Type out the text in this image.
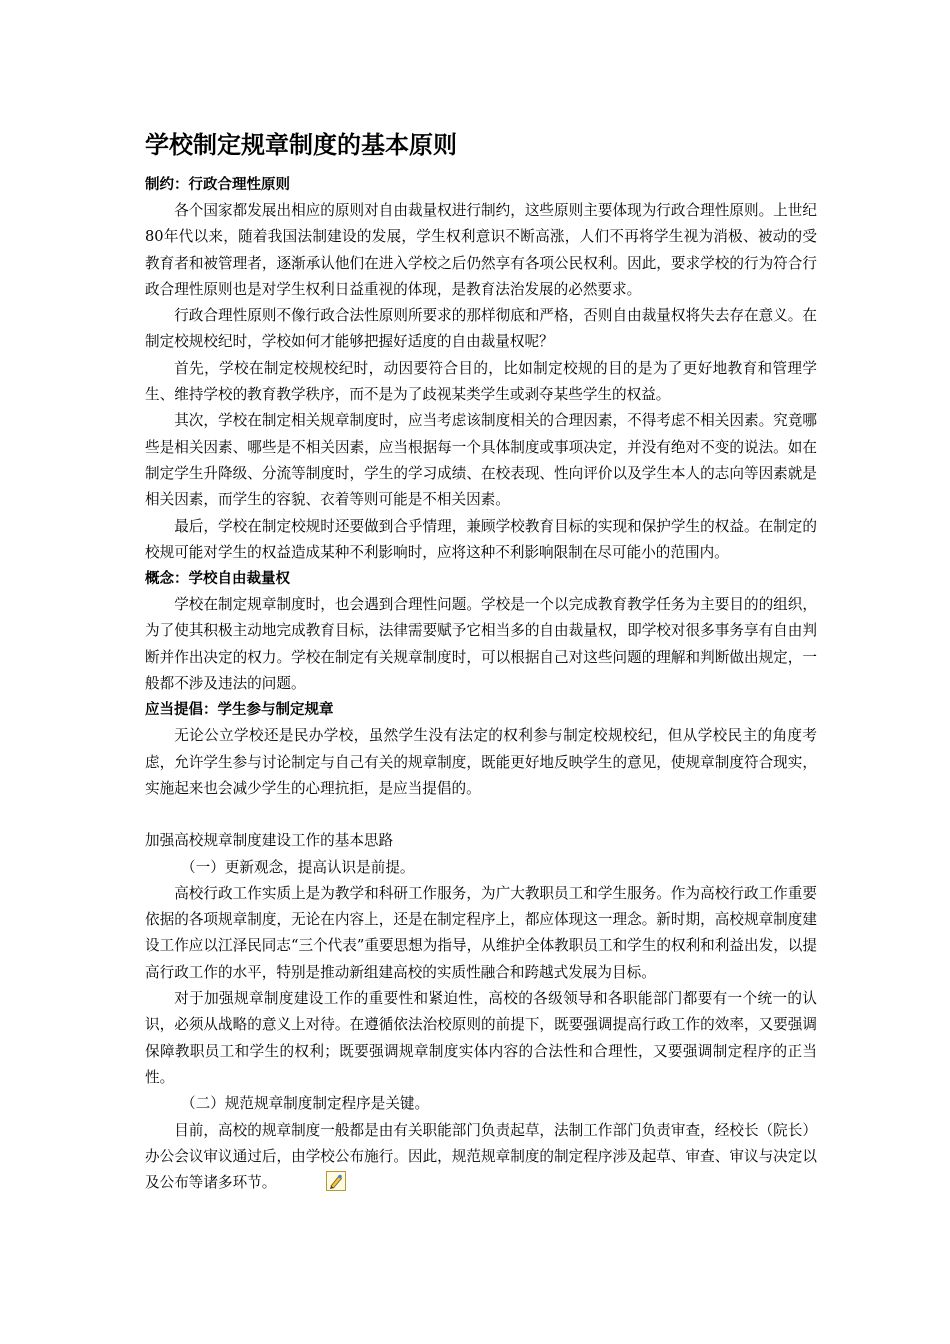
学校制定规章制度的基本原则

制约：行政合理性原则

各个国家都发展出相应的原则对自由裁量权进行制约，这些原则主要体现为行政合理性原则。上世纪80年代以来，随着我国法制建设的发展，学生权利意识不断高涨，人们不再将学生视为消极、被动的受教育者和被管理者，逐渐承认他们在进入学校之后仍然享有各项公民权利。因此，要求学校的行为符合行政合理性原则也是对学生权利日益重视的体现，是教育法治发展的必然要求。

行政合理性原则不像行政合法性原则所要求的那样彻底和严格，否则自由裁量权将失去存在意义。在制定校规校纪时，学校如何才能够把握好适度的自由裁量权呢？

首先，学校在制定校规校纪时，动因要符合目的，比如制定校规的目的是为了更好地教育和管理学生、维持学校的教育教学秩序，而不是为了歧视某类学生或剥夺某些学生的权益。

其次，学校在制定相关规章制度时，应当考虑该制度相关的合理因素，不得考虑不相关因素。究竟哪些是相关因素、哪些是不相关因素，应当根据每一个具体制度或事项决定，并没有绝对不变的说法。如在制定学生升降级、分流等制度时，学生的学习成绩、在校表现、性向评价以及学生本人的志向等因素就是相关因素，而学生的容貌、衣着等则可能是不相关因素。

最后，学校在制定校规时还要做到合乎情理，兼顾学校教育目标的实现和保护学生的权益。在制定的校规可能对学生的权益造成某种不利影响时，应将这种不利影响限制在尽可能小的范围内。

概念：学校自由裁量权

学校在制定规章制度时，也会遇到合理性问题。学校是一个以完成教育教学任务为主要目的的组织，为了使其积极主动地完成教育目标，法律需要赋予它相当多的自由裁量权，即学校对很多事务享有自由判断并作出决定的权力。学校在制定有关规章制度时，可以根据自己对这些问题的理解和判断做出规定，一般都不涉及违法的问题。

应当提倡：学生参与制定规章

无论公立学校还是民办学校，虽然学生没有法定的权利参与制定校规校纪，但从学校民主的角度考虑，允许学生参与讨论制定与自己有关的规章制度，既能更好地反映学生的意见，使规章制度符合现实，实施起来也会减少学生的心理抗拒，是应当提倡的。

加强高校规章制度建设工作的基本思路

（一）更新观念，提高认识是前提。

高校行政工作实质上是为教学和科研工作服务，为广大教职员工和学生服务。作为高校行政工作重要依据的各项规章制度，无论在内容上，还是在制定程序上，都应体现这一理念。新时期，高校规章制度建设工作应以江泽民同志“三个代表”重要思想为指导，从维护全体教职员工和学生的权利和利益出发，以提高行政工作的水平，特别是推动新组建高校的实质性融合和跨越式发展为目标。

对于加强规章制度建设工作的重要性和紧迫性，高校的各级领导和各职能部门都要有一个统一的认识，必须从战略的意义上对待。在遵循依法治校原则的前提下，既要强调提高行政工作的效率，又要强调保障教职员工和学生的权利；既要强调规章制度实体内容的合法性和合理性，又要强调制定程序的正当性。

（二）规范规章制度制定程序是关键。

目前，高校的规章制度一般都是由有关职能部门负责起草，法制工作部门负责审查，经校长（院长）办公会议审议通过后，由学校公布施行。因此，规范规章制度的制定程序涉及起草、审查、审议与决定以及公布等诸多环节。
